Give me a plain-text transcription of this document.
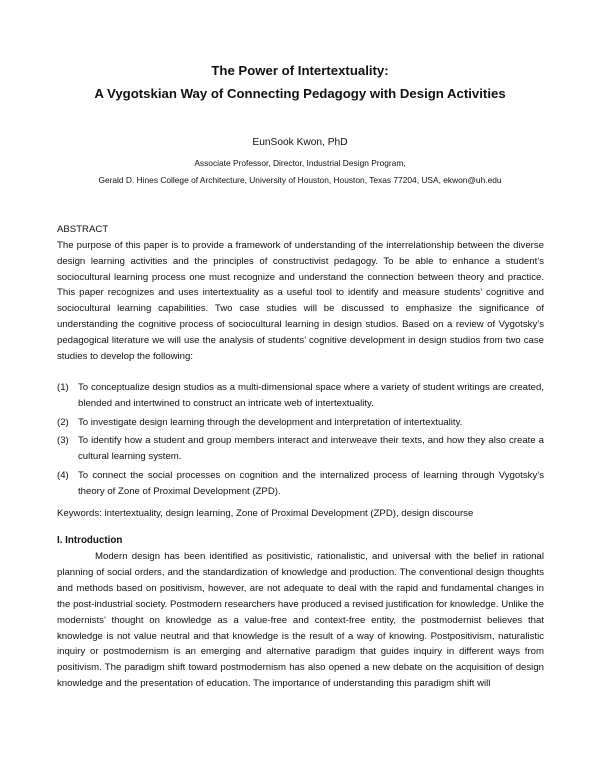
The Power of Intertextuality:
A Vygotskian Way of Connecting Pedagogy with Design Activities
EunSook Kwon, PhD
Associate Professor, Director, Industrial Design Program,
Gerald D. Hines College of Architecture, University of Houston, Houston, Texas 77204, USA, ekwon@uh.edu
ABSTRACT
The purpose of this paper is to provide a framework of understanding of the interrelationship between the diverse design learning activities and the principles of constructivist pedagogy. To be able to enhance a student’s sociocultural learning process one must recognize and understand the connection between theory and practice. This paper recognizes and uses intertextuality as a useful tool to identify and measure students’ cognitive and sociocultural learning capabilities. Two case studies will be discussed to emphasize the significance of understanding the cognitive process of sociocultural learning in design studios. Based on a review of Vygotsky’s pedagogical literature we will use the analysis of students’ cognitive development in design studios from two case studies to develop the following:
(1) To conceptualize design studios as a multi-dimensional space where a variety of student writings are created, blended and intertwined to construct an intricate web of intertextuality.
(2) To investigate design learning through the development and interpretation of intertextuality.
(3) To identify how a student and group members interact and interweave their texts, and how they also create a cultural learning system.
(4) To connect the social processes on cognition and the internalized process of learning through Vygotsky’s theory of Zone of Proximal Development (ZPD).
Keywords: intertextuality, design learning, Zone of Proximal Development (ZPD), design discourse
I. Introduction

Modern design has been identified as positivistic, rationalistic, and universal with the belief in rational planning of social orders, and the standardization of knowledge and production. The conventional design thoughts and methods based on positivism, however, are not adequate to deal with the rapid and fundamental changes in the post-industrial society. Postmodern researchers have produced a revised justification for knowledge. Unlike the modernists’ thought on knowledge as a value-free and context-free entity, the postmodernist believes that knowledge is not value neutral and that knowledge is the result of a way of knowing. Postpositivism, naturalistic inquiry or postmodernism is an emerging and alternative paradigm that guides inquiry in different ways from positivism. The paradigm shift toward postmodernism has also opened a new debate on the acquisition of design knowledge and the presentation of education. The importance of understanding this paradigm shift will
